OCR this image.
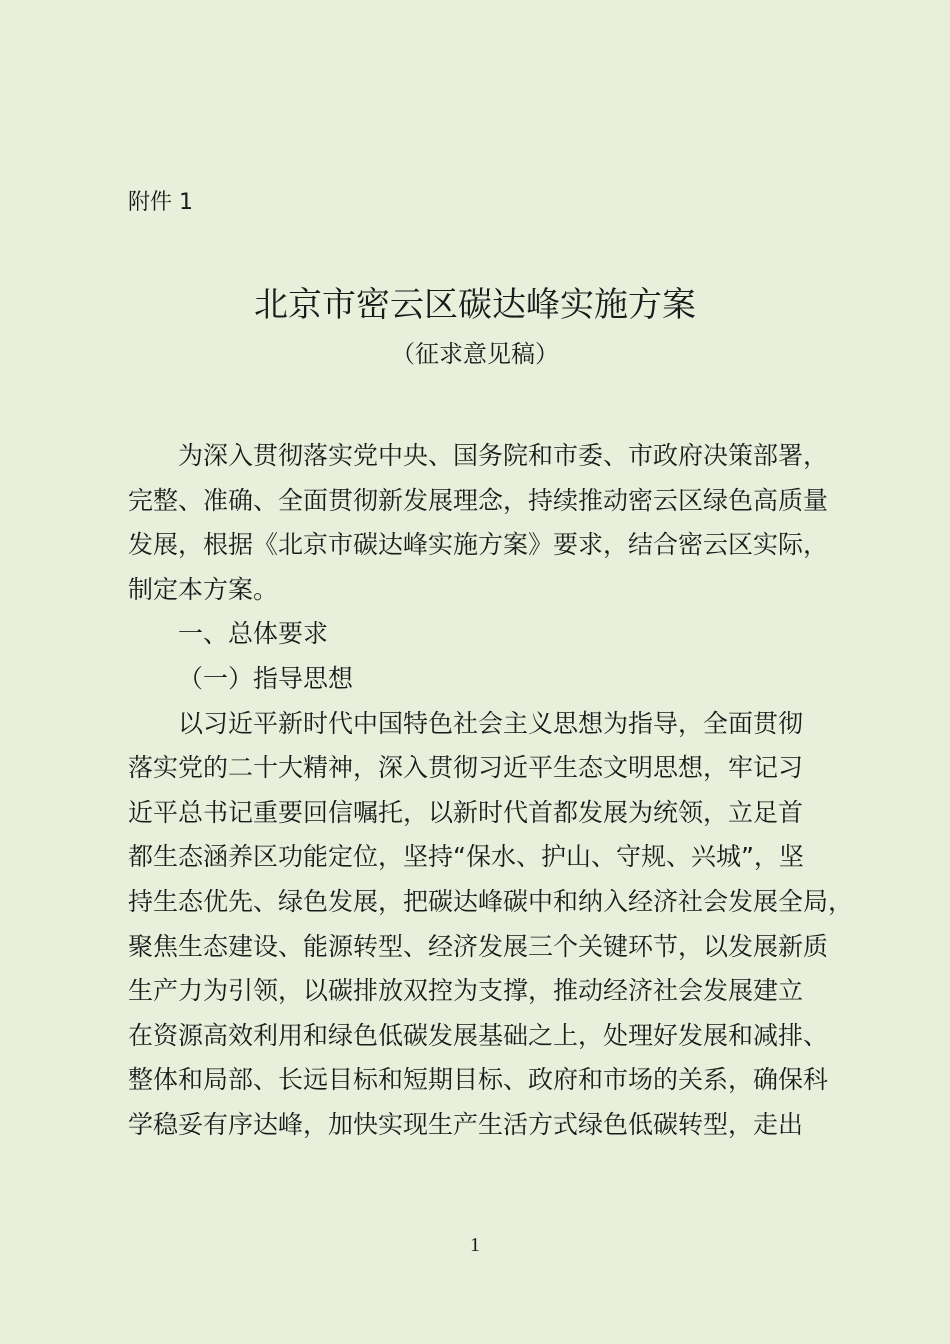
附件 1

北京市密云区碳达峰实施方案

（征求意见稿）

为深入贯彻落实党中央、国务院和市委、市政府决策部署，
完整、准确、全面贯彻新发展理念，持续推动密云区绿色高质量
发展，根据《北京市碳达峰实施方案》要求，结合密云区实际，
制定本方案。
一、总体要求
（一）指导思想
以习近平新时代中国特色社会主义思想为指导，全面贯彻
落实党的二十大精神，深入贯彻习近平生态文明思想，牢记习
近平总书记重要回信嘱托，以新时代首都发展为统领，立足首
都生态涵养区功能定位，坚持“保水、护山、守规、兴城”，坚
持生态优先、绿色发展，把碳达峰碳中和纳入经济社会发展全局，
聚焦生态建设、能源转型、经济发展三个关键环节，以发展新质
生产力为引领，以碳排放双控为支撑，推动经济社会发展建立
在资源高效利用和绿色低碳发展基础之上，处理好发展和减排、
整体和局部、长远目标和短期目标、政府和市场的关系，确保科
学稳妥有序达峰，加快实现生产生活方式绿色低碳转型，走出

1
